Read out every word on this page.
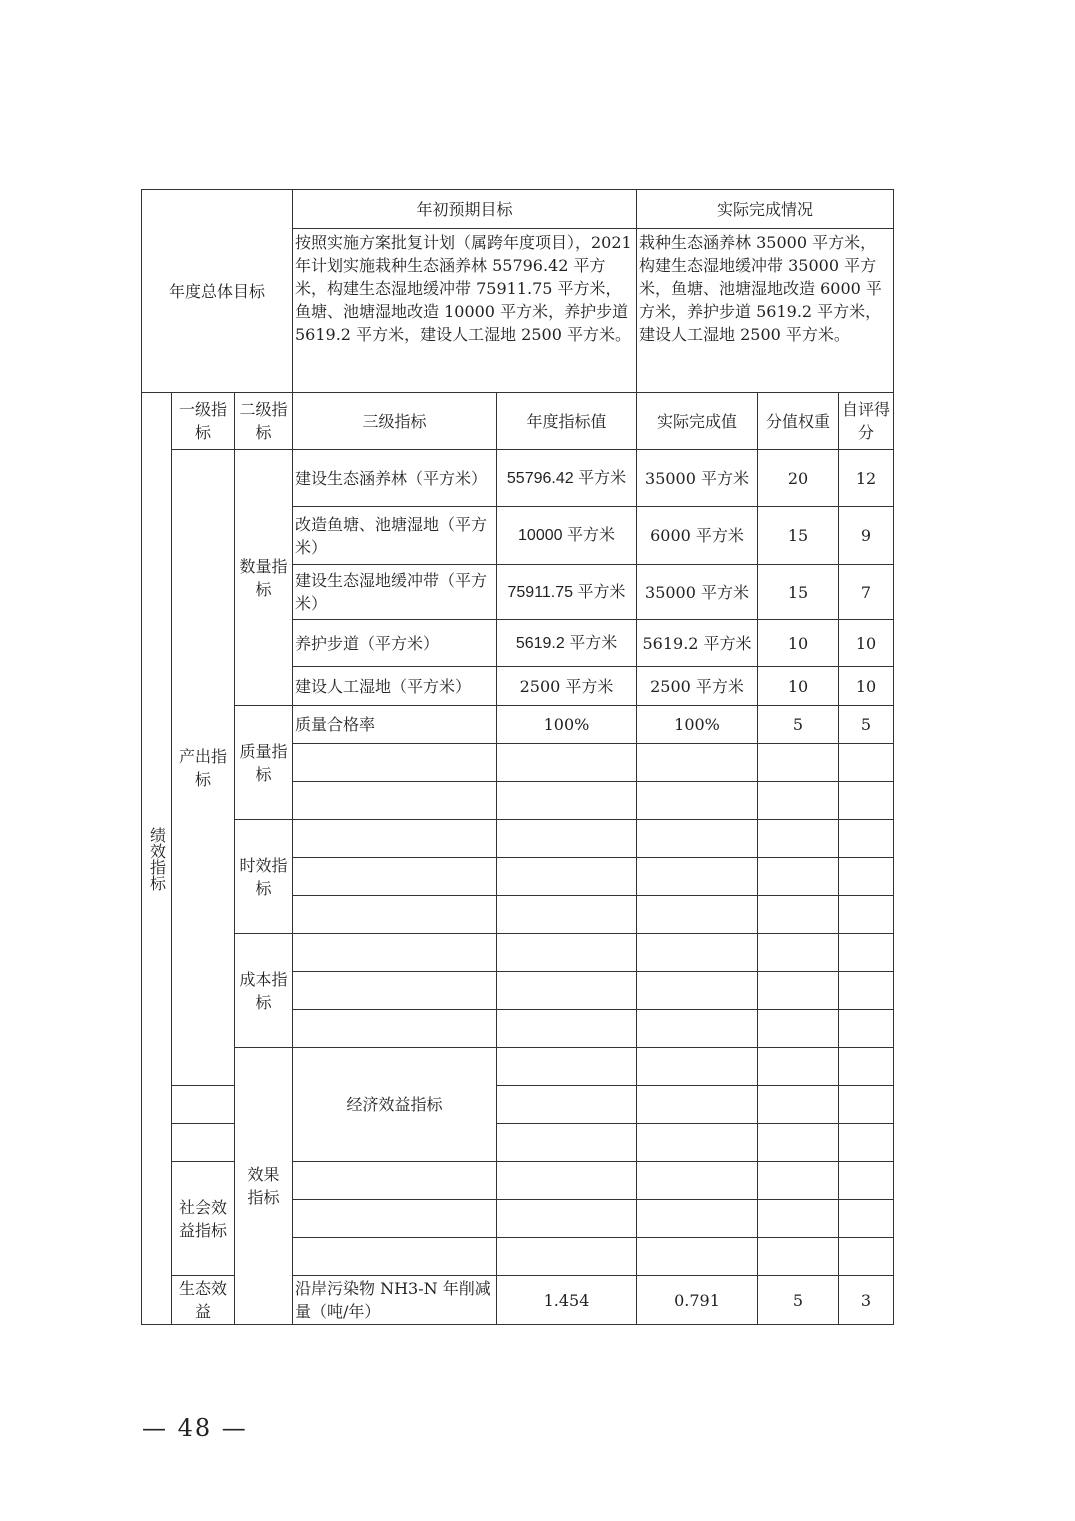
年度总体目标			年初预期目标		实际完成情况			
			按照实施方案批复计划（属跨年度项目），2021 年计划实施栽种生态涵养林 55796.42 平方米，构建生态湿地缓冲带 75911.75 平方米，鱼塘、池塘湿地改造 10000 平方米，养护步道 5619.2 平方米，建设人工湿地 2500 平方米。		栽种生态涵养林 35000 平方米，构建生态湿地缓冲带 35000 平方米，鱼塘、池塘湿地改造 6000 平方米，养护步道 5619.2 平方米，建设人工湿地 2500 平方米。			

绩效指标	一级指标	二级指标	三级指标	年度指标值	实际完成值	分值权重	自评得分	
	产出指标	数量指标	建设生态涵养林（平方米）	55796.42 平方米	35000 平方米	20	12	
			改造鱼塘、池塘湿地（平方米）	10000 平方米	6000 平方米	15	9	
			建设生态湿地缓冲带（平方米）	75911.75 平方米	35000 平方米	15	7	
			养护步道（平方米）	5619.2 平方米	5619.2 平方米	10	10	
			建设人工湿地（平方米）	2500 平方米	2500 平方米	10	10	
		质量指标	质量合格率	100%	100%	5	5	

		时效指标						

		成本指标						

		效果指标	经济效益指标					

	社会效益指标							

	生态效益		沿岸污染物 NH3-N 年削减量（吨/年）	1.454	0.791	5	3	
— 48 —
